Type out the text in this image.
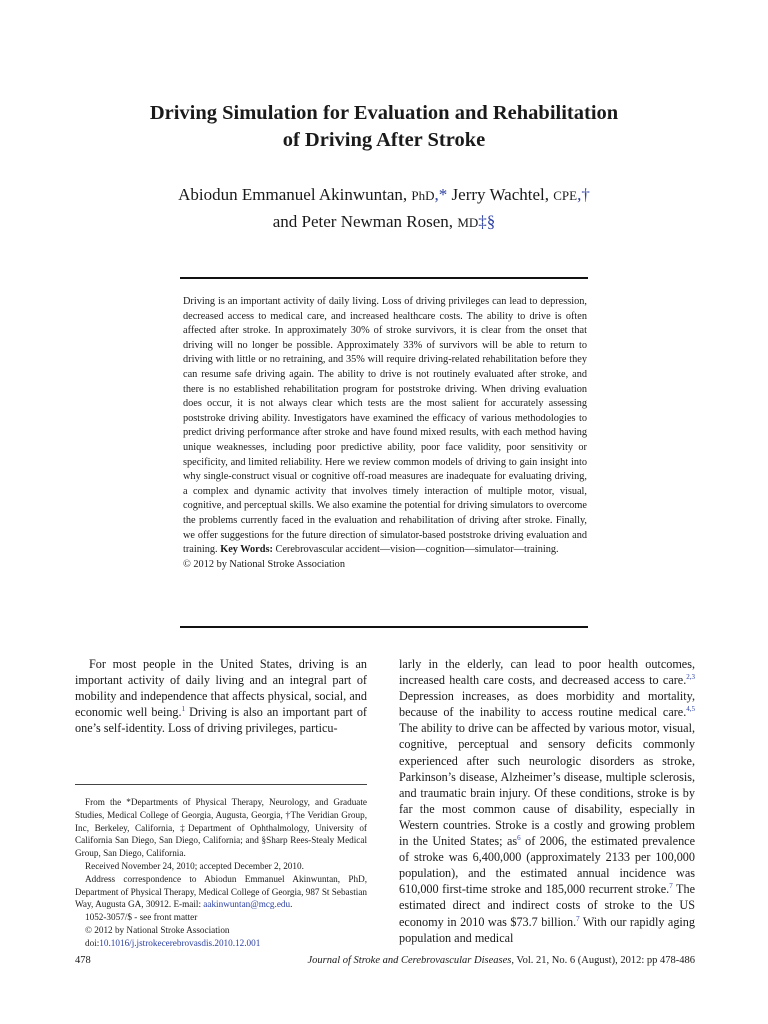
Driving Simulation for Evaluation and Rehabilitation
of Driving After Stroke
Abiodun Emmanuel Akinwuntan, PhD,* Jerry Wachtel, CPE,†
and Peter Newman Rosen, MD‡§
Driving is an important activity of daily living. Loss of driving privileges can lead to depression, decreased access to medical care, and increased healthcare costs. The ability to drive is often affected after stroke. In approximately 30% of stroke survivors, it is clear from the onset that driving will no longer be possible. Approximately 33% of survivors will be able to return to driving with little or no retraining, and 35% will require driving-related rehabilitation before they can resume safe driving again. The ability to drive is not routinely evaluated after stroke, and there is no established rehabilitation program for poststroke driving. When driving evaluation does occur, it is not always clear which tests are the most salient for accurately assessing poststroke driving ability. Investigators have examined the efficacy of various methodologies to predict driving performance after stroke and have found mixed results, with each method having unique weaknesses, including poor predictive ability, poor face validity, poor sensitivity or specificity, and limited reliability. Here we review common models of driving to gain insight into why single-construct visual or cognitive off-road measures are inadequate for evaluating driving, a complex and dynamic activity that involves timely interaction of multiple motor, visual, cognitive, and perceptual skills. We also examine the potential for driving simulators to overcome the problems currently faced in the evaluation and rehabilitation of driving after stroke. Finally, we offer suggestions for the future direction of simulator-based poststroke driving evaluation and training. Key Words: Cerebrovascular accident—vision—cognition—simulator—training.
© 2012 by National Stroke Association

For most people in the United States, driving is an important activity of daily living and an integral part of mobility and independence that affects physical, social, and economic well being.$^1$ Driving is also an important part of one’s self-identity. Loss of driving privileges, particu-

From the *Departments of Physical Therapy, Neurology, and Graduate Studies, Medical College of Georgia, Augusta, Georgia, †The Veridian Group, Inc, Berkeley, California, ‡Department of Ophthalmology, University of California San Diego, San Diego, California; and §Sharp Rees-Stealy Medical Group, San Diego, California.

Received November 24, 2010; accepted December 2, 2010.

Address correspondence to Abiodun Emmanuel Akinwuntan, PhD, Department of Physical Therapy, Medical College of Georgia, 987 St Sebastian Way, Augusta GA, 30912. E-mail: aakinwuntan@mcg.edu.

1052-3057/$ - see front matter

© 2012 by National Stroke Association

doi:10.1016/j.jstrokecerebrovasdis.2010.12.001

larly in the elderly, can lead to poor health outcomes, increased health care costs, and decreased access to care.$^{2,3}$ Depression increases, as does morbidity and mortality, because of the inability to access routine medical care.$^{4,5}$ The ability to drive can be affected by various motor, visual, cognitive, perceptual and sensory deficits commonly experienced after such neurologic disorders as stroke, Parkinson’s disease, Alzheimer’s disease, multiple sclerosis, and traumatic brain injury. Of these conditions, stroke is by far the most common cause of disability, especially in Western countries. Stroke is a costly and growing problem in the United States; $as^6$ of 2006, the estimated prevalence of stroke was 6,400,000 (approximately 2133 per 100,000 population), and the estimated annual incidence was 610,000 first-time stroke and 185,000 recurrent stroke.$^7$ The estimated direct and indirect costs of stroke to the US economy in 2010 was $73.7 billion.$^7$ With our rapidly aging population and medical

478	Journal of Stroke and Cerebrovascular Diseases, Vol. 21, No. 6 (August), 2012: pp 478-486
